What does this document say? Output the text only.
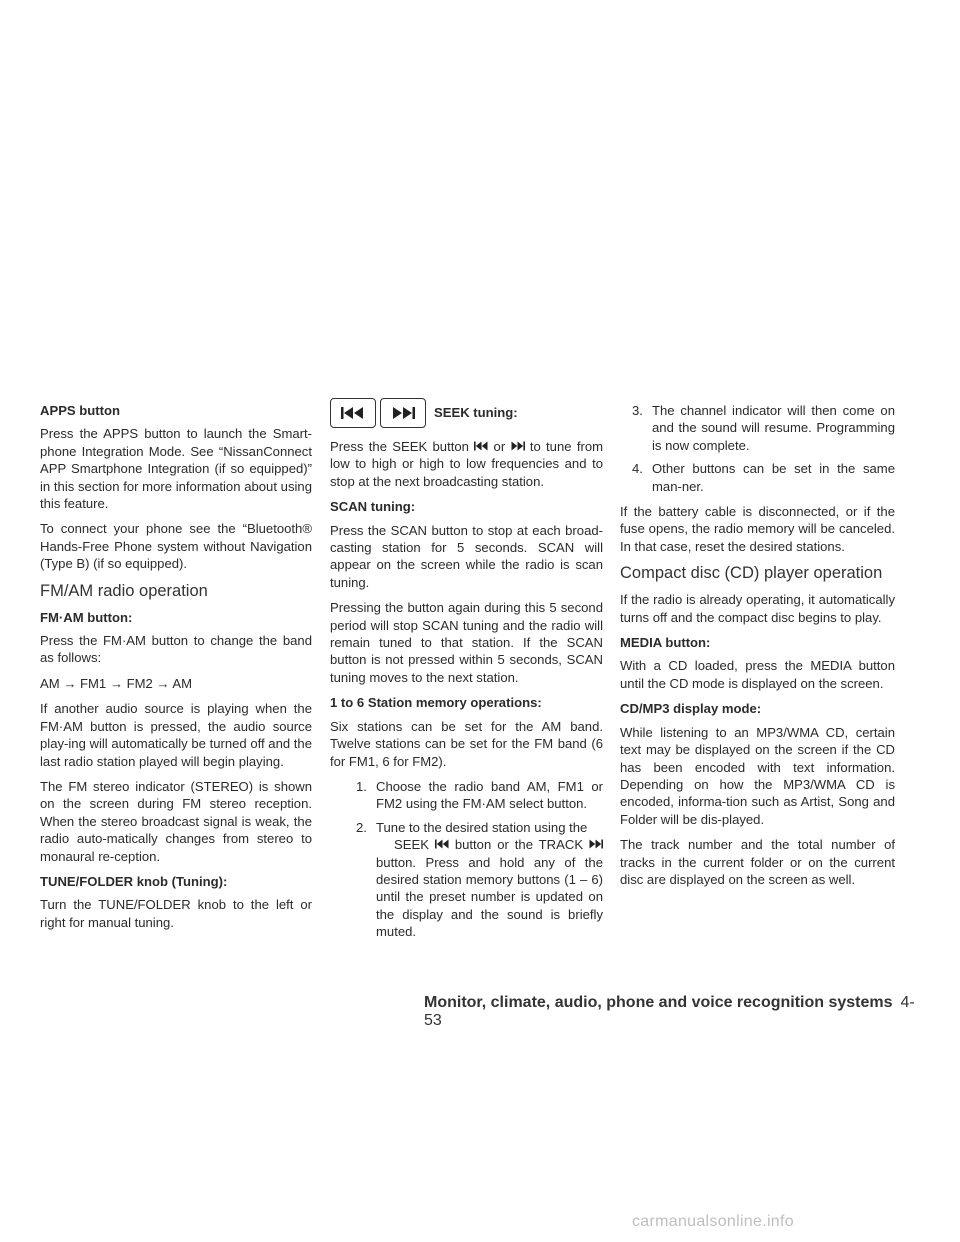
APPS button

Press the APPS button to launch the Smart-phone Integration Mode. See “NissanConnect APP Smartphone Integration (if so equipped)” in this section for more information about using this feature.

To connect your phone see the “Bluetooth® Hands-Free Phone system without Navigation (Type B) (if so equipped).

FM/AM radio operation

FM·AM button:

Press the FM·AM button to change the band as follows:

AM → FM1 → FM2 → AM

If another audio source is playing when the FM·AM button is pressed, the audio source play-ing will automatically be turned off and the last radio station played will begin playing.

The FM stereo indicator (STEREO) is shown on the screen during FM stereo reception. When the stereo broadcast signal is weak, the radio auto-matically changes from stereo to monaural re-ception.

TUNE/FOLDER knob (Tuning):

Turn the TUNE/FOLDER knob to the left or right for manual tuning.

SEEK tuning:

Press the SEEK button or to tune from low to high or high to low frequencies and to stop at the next broadcasting station.

SCAN tuning:

Press the SCAN button to stop at each broad-casting station for 5 seconds. SCAN will appear on the screen while the radio is scan tuning.

Pressing the button again during this 5 second period will stop SCAN tuning and the radio will remain tuned to that station. If the SCAN button is not pressed within 5 seconds, SCAN tuning moves to the next station.

1 to 6 Station memory operations:

Six stations can be set for the AM band. Twelve stations can be set for the FM band (6 for FM1, 6 for FM2).

1. Choose the radio band AM, FM1 or FM2 using the FM·AM select button.
2. Tune to the desired station using the
SEEK button or the TRACK
button. Press and hold any of the desired station memory buttons (1 – 6) until the preset number is updated on the display and the sound is briefly muted.
3. The channel indicator will then come on and the sound will resume. Programming is now complete.
4. Other buttons can be set in the same man-ner.

If the battery cable is disconnected, or if the fuse opens, the radio memory will be canceled. In that case, reset the desired stations.

Compact disc (CD) player operation

If the radio is already operating, it automatically turns off and the compact disc begins to play.

MEDIA button:

With a CD loaded, press the MEDIA button until the CD mode is displayed on the screen.

CD/MP3 display mode:

While listening to an MP3/WMA CD, certain text may be displayed on the screen if the CD has been encoded with text information. Depending on how the MP3/WMA CD is encoded, informa-tion such as Artist, Song and Folder will be dis-played.

The track number and the total number of tracks in the current folder or on the current disc are displayed on the screen as well.

Monitor, climate, audio, phone and voice recognition systems 4-53
carmanualsonline.info
